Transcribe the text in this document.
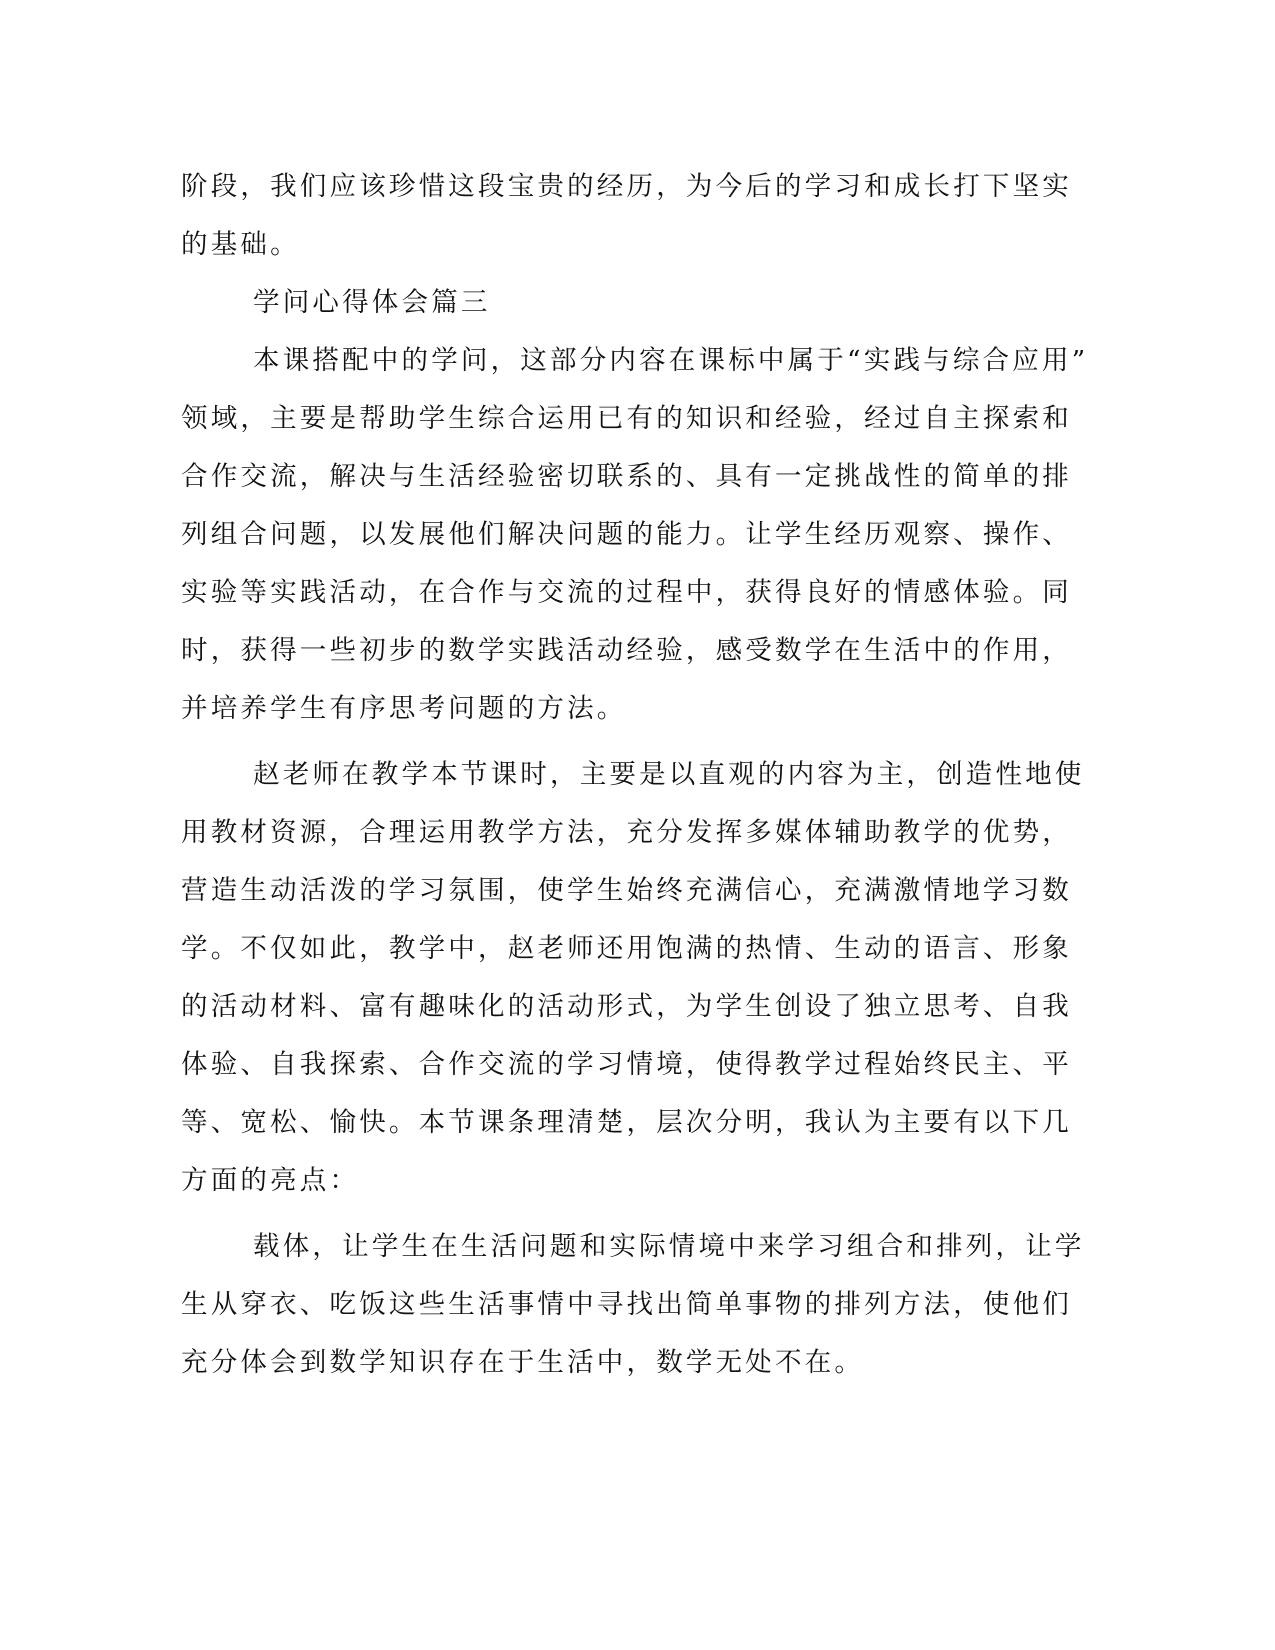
阶段，我们应该珍惜这段宝贵的经历，为今后的学习和成长打下坚实
的基础。
学问心得体会篇三
本课搭配中的学问，这部分内容在课标中属于“实践与综合应用”
领域，主要是帮助学生综合运用已有的知识和经验，经过自主探索和
合作交流，解决与生活经验密切联系的、具有一定挑战性的简单的排
列组合问题，以发展他们解决问题的能力。让学生经历观察、操作、
实验等实践活动，在合作与交流的过程中，获得良好的情感体验。同
时，获得一些初步的数学实践活动经验，感受数学在生活中的作用，
并培养学生有序思考问题的方法。
赵老师在教学本节课时，主要是以直观的内容为主，创造性地使
用教材资源，合理运用教学方法，充分发挥多媒体辅助教学的优势，
营造生动活泼的学习氛围，使学生始终充满信心，充满激情地学习数
学。不仅如此，教学中，赵老师还用饱满的热情、生动的语言、形象
的活动材料、富有趣味化的活动形式，为学生创设了独立思考、自我
体验、自我探索、合作交流的学习情境，使得教学过程始终民主、平
等、宽松、愉快。本节课条理清楚，层次分明，我认为主要有以下几
方面的亮点：
载体，让学生在生活问题和实际情境中来学习组合和排列，让学
生从穿衣、吃饭这些生活事情中寻找出简单事物的排列方法，使他们
充分体会到数学知识存在于生活中，数学无处不在。
